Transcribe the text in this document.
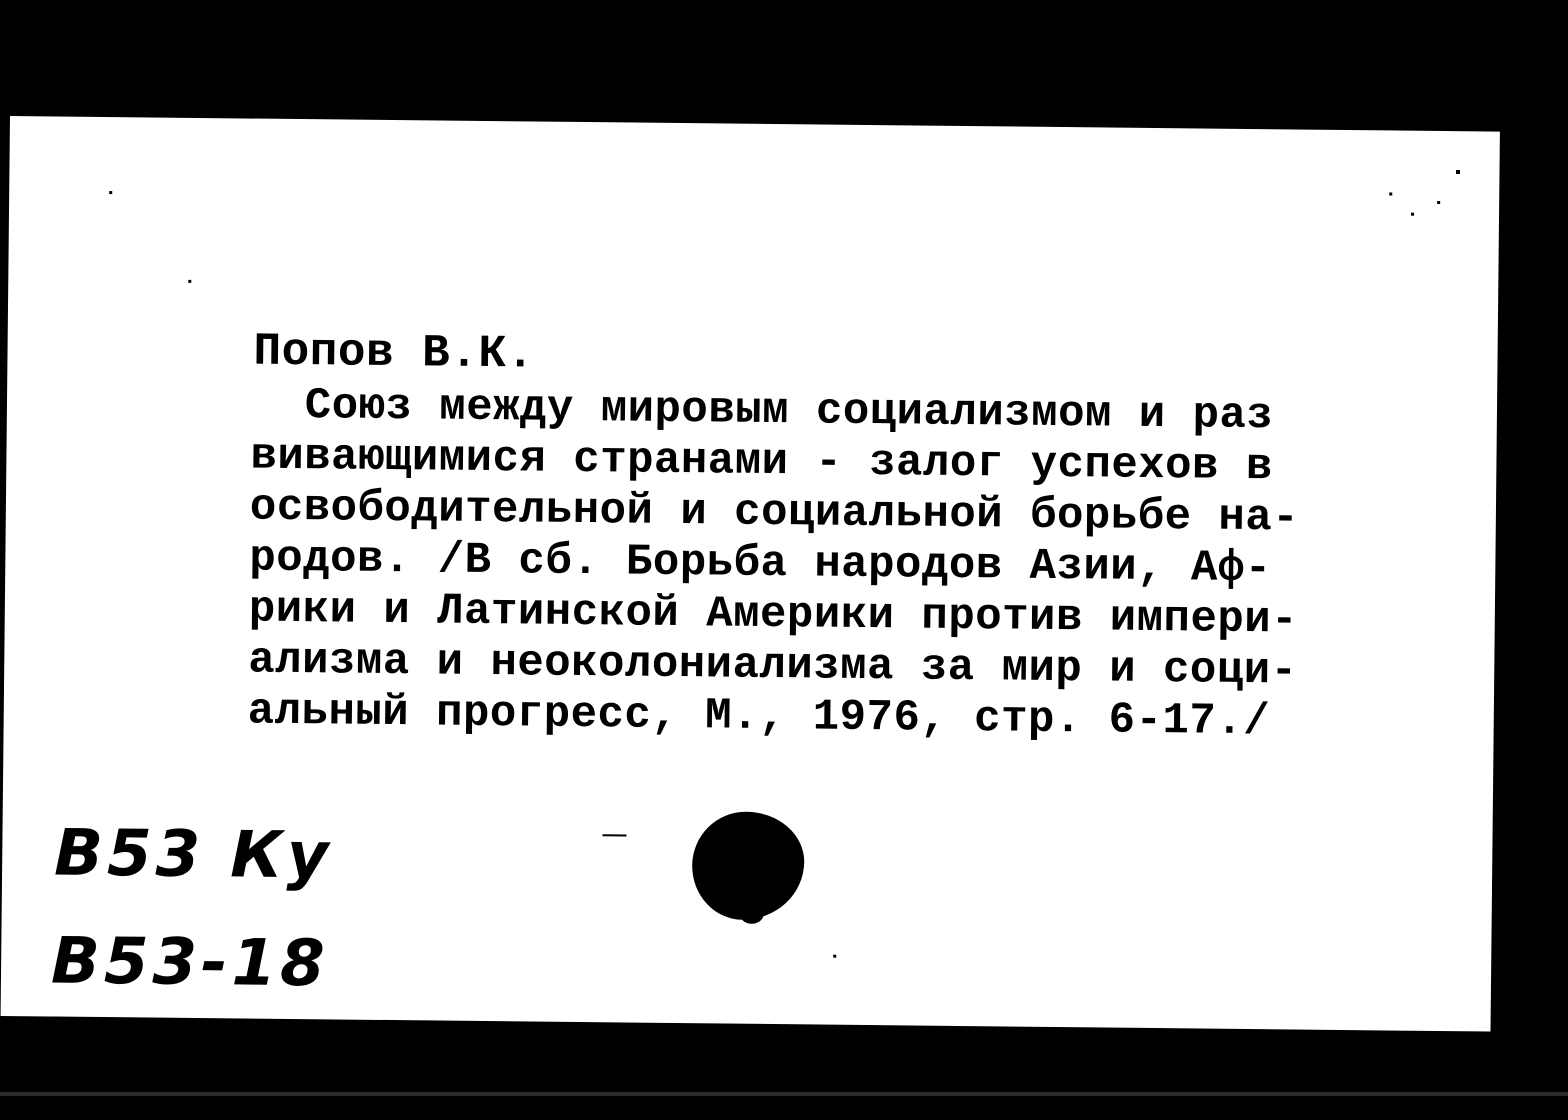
Попов В.К.
Союз между мировым социализмом и раз
вивающимися странами - залог успехов в
освободительной и социальной борьбе на-
родов. /В сб. Борьба народов Азии, Аф-
рики и Латинской Америки против импери-
ализма и неоколониализма за мир и соци-
альный прогресс, М., 1976, стр. 6-17./
В53 Ку
В53-18
